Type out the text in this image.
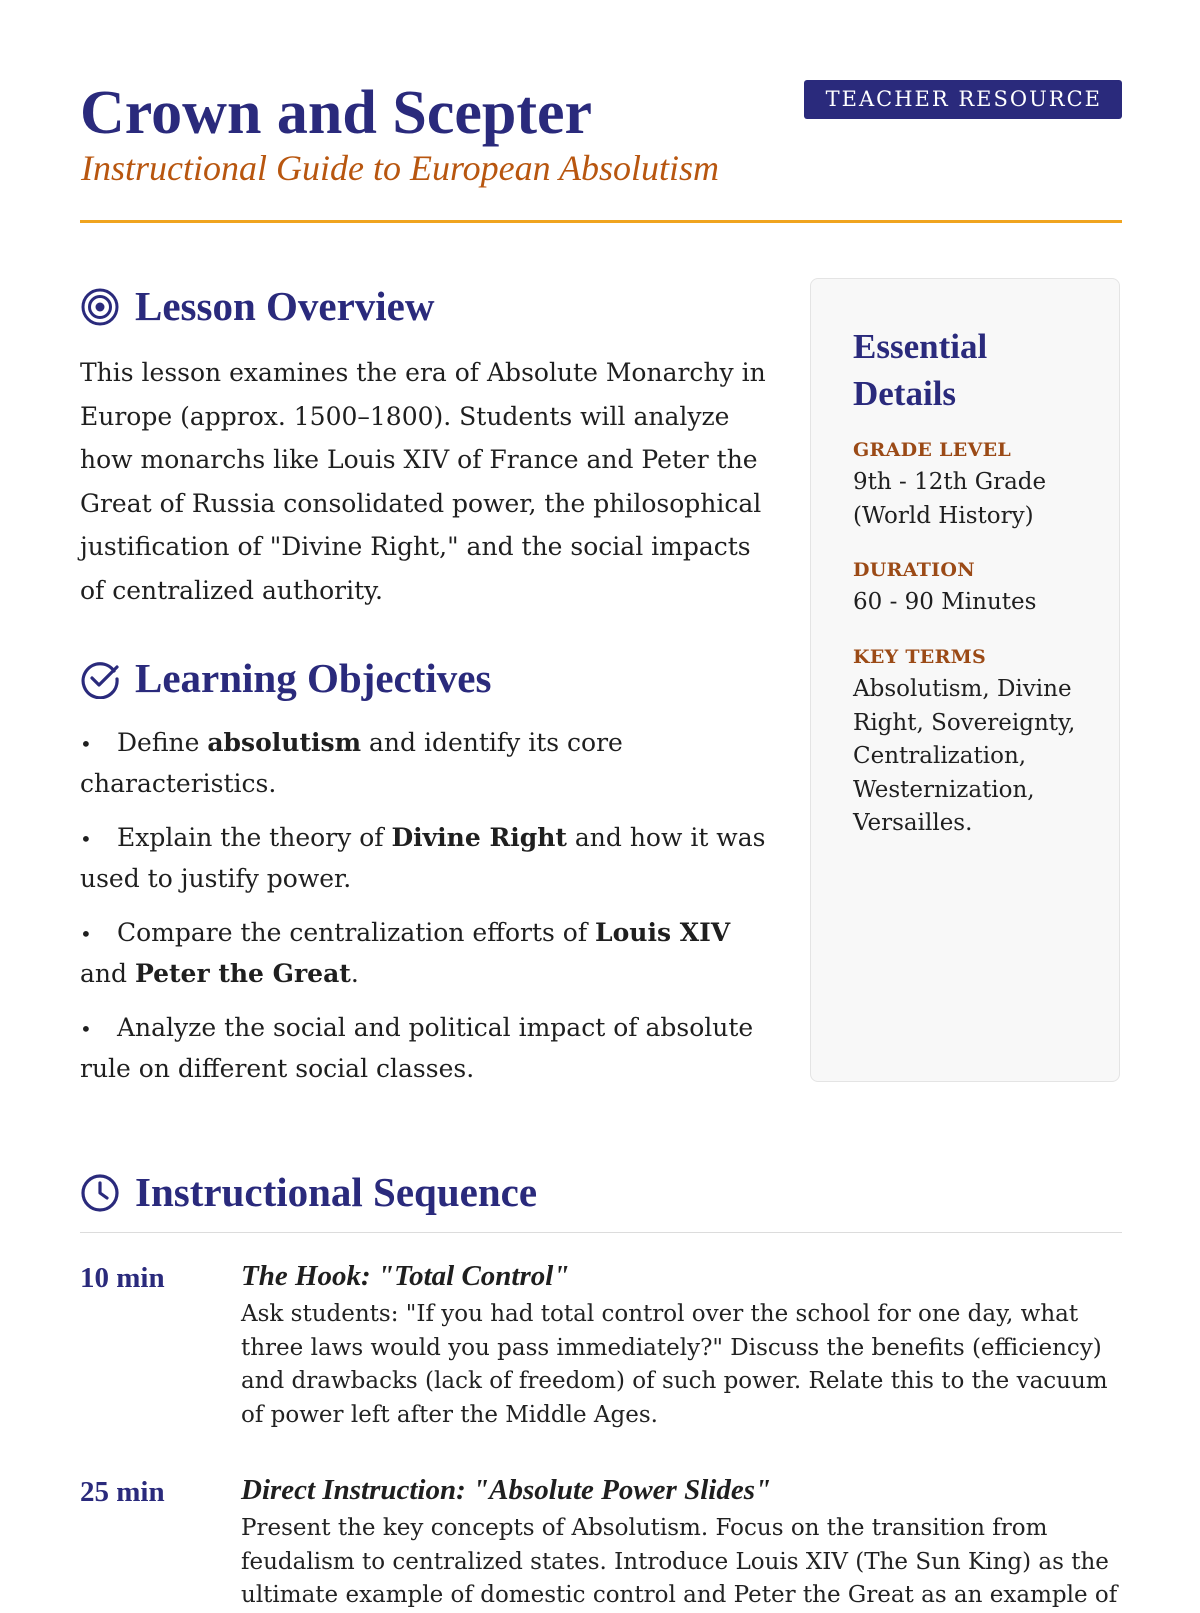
Crown and Scepter
Instructional Guide to European Absolutism
TEACHER RESOURCE
Lesson Overview

This lesson examines the era of Absolute Monarchy in Europe (approx. 1500–1800). Students will analyze how monarchs like Louis XIV of France and Peter the Great of Russia consolidated power, the philosophical justification of "Divine Right," and the social impacts of centralized authority.

Learning Objectives
• Define absolutism and identify its core characteristics.
• Explain the theory of Divine Right and how it was used to justify power.
• Compare the centralization efforts of Louis XIV and Peter the Great.
• Analyze the social and political impact of absolute rule on different social classes.
Essential Details
GRADE LEVEL
9th - 12th Grade (World History)
DURATION
60 - 90 Minutes
KEY TERMS
Absolutism, Divine Right, Sovereignty, Centralization, Westernization, Versailles.
Instructional Sequence
10 min	The Hook: "Total Control"

Ask students: "If you had total control over the school for one day, what three laws would you pass immediately?" Discuss the benefits (efficiency) and drawbacks (lack of freedom) of such power. Relate this to the vacuum of power left after the Middle Ages.

25 min	Direct Instruction: "Absolute Power Slides"

Present the key concepts of Absolutism. Focus on the transition from feudalism to centralized states. Introduce Louis XIV (The Sun King) as the ultimate example of domestic control and Peter the Great as an example of
